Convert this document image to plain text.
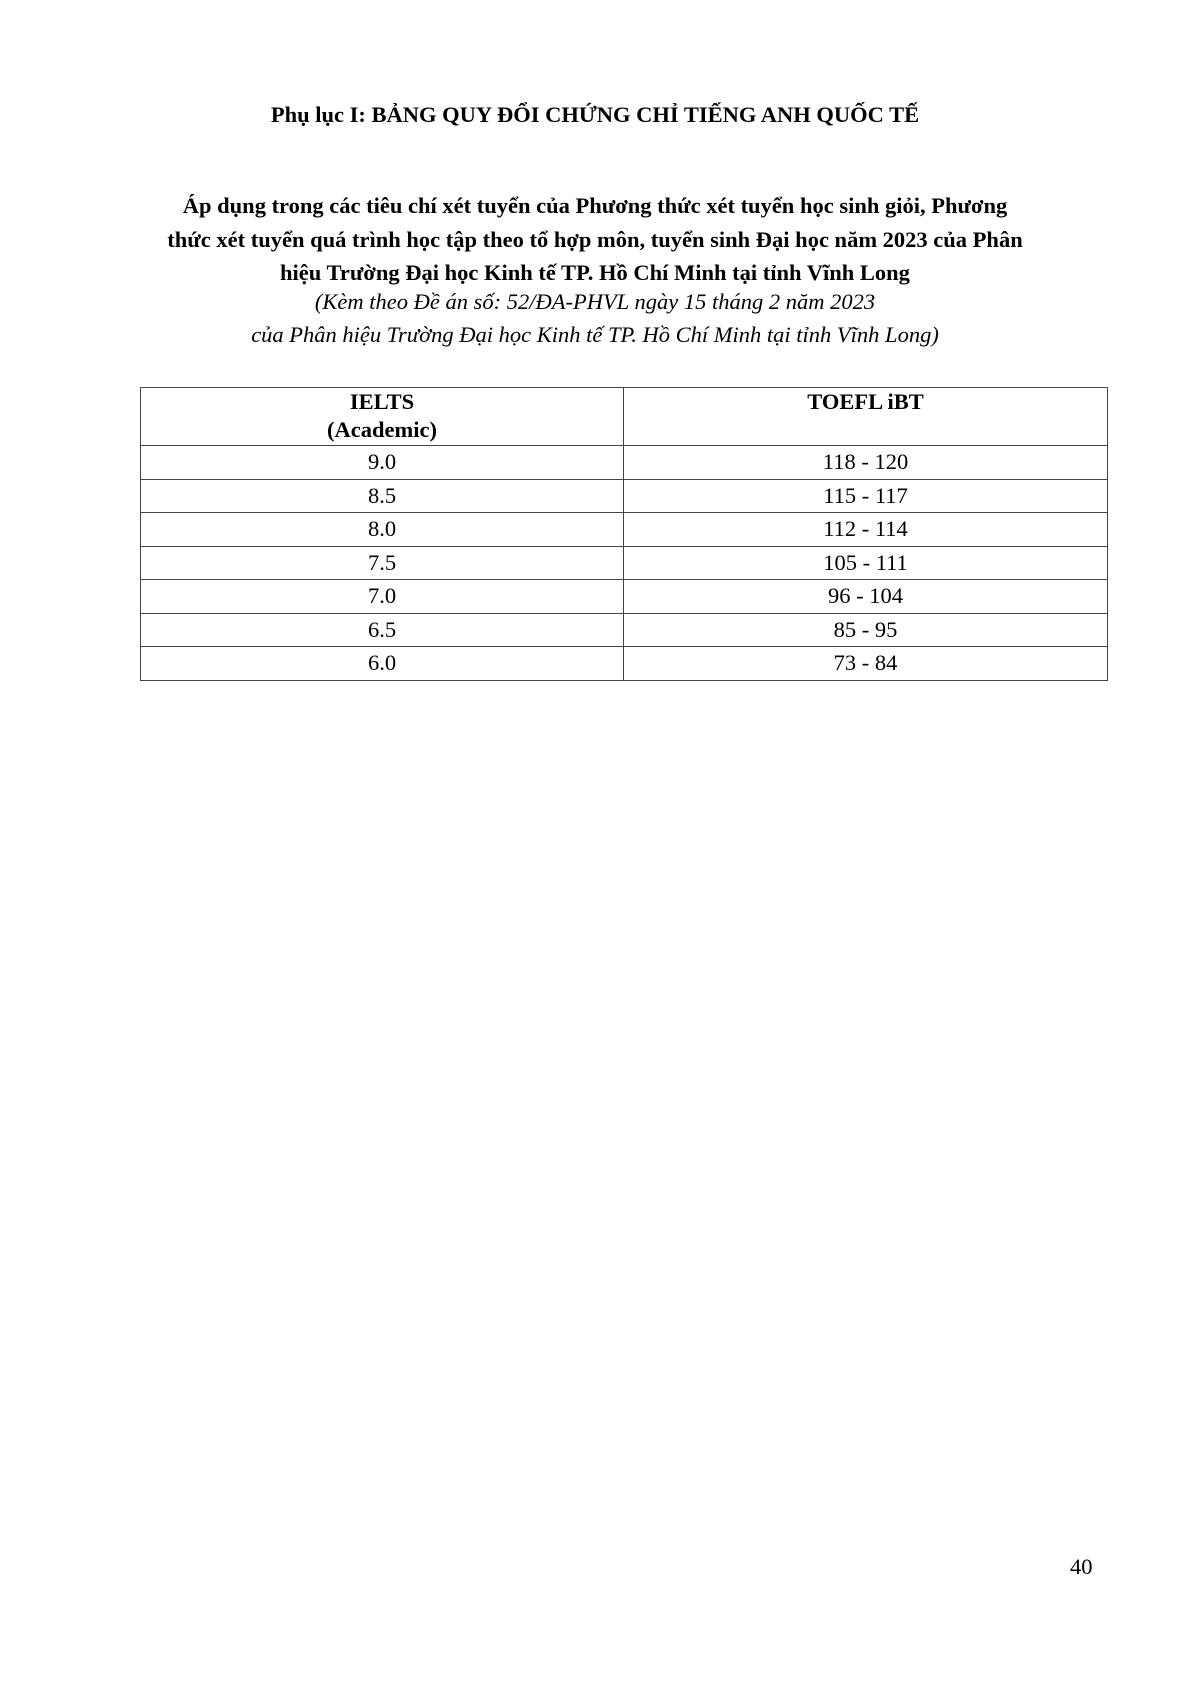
Phụ lục I: BẢNG QUY ĐỔI CHỨNG CHỈ TIẾNG ANH QUỐC TẾ
Áp dụng trong các tiêu chí xét tuyển của Phương thức xét tuyển học sinh giỏi, Phương
thức xét tuyển quá trình học tập theo tổ hợp môn, tuyển sinh Đại học năm 2023 của Phân
hiệu Trường Đại học Kinh tế TP. Hồ Chí Minh tại tỉnh Vĩnh Long
(Kèm theo Đề án số: 52/ĐA-PHVL ngày 15 tháng 2 năm 2023
của Phân hiệu Trường Đại học Kinh tế TP. Hồ Chí Minh tại tỉnh Vĩnh Long)
IELTS
(Academic)	TOEFL iBT
9.0	118 - 120
8.5	115 - 117
8.0	112 - 114
7.5	105 - 111
7.0	96 - 104
6.5	85 - 95
6.0	73 - 84
40
